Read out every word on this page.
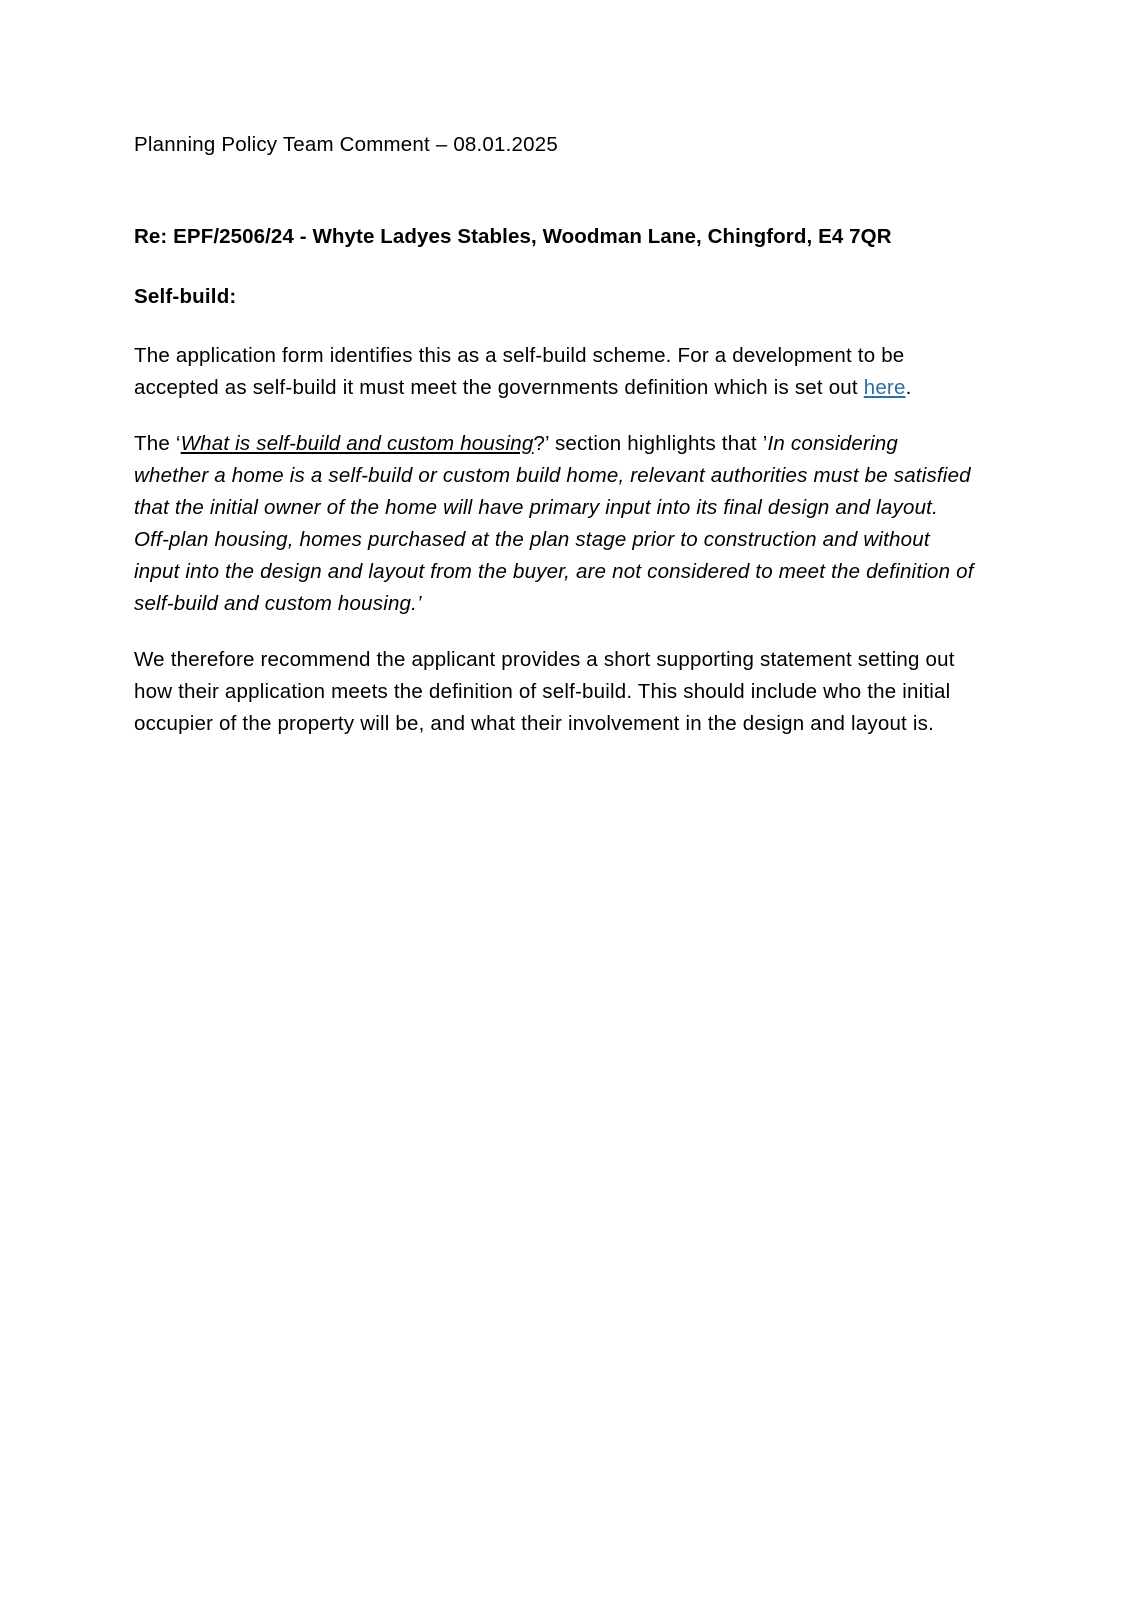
Planning Policy Team Comment – 08.01.2025

Re: EPF/2506/24 - Whyte Ladyes Stables, Woodman Lane, Chingford, E4 7QR

Self-build:

The application form identifies this as a self-build scheme. For a development to be accepted as self-build it must meet the governments definition which is set out here.

The ‘What is self-build and custom housing?’ section highlights that ’In considering whether a home is a self-build or custom build home, relevant authorities must be satisfied that the initial owner of the home will have primary input into its final design and layout. Off-plan housing, homes purchased at the plan stage prior to construction and without input into the design and layout from the buyer, are not considered to meet the definition of self-build and custom housing.’

We therefore recommend the applicant provides a short supporting statement setting out how their application meets the definition of self-build. This should include who the initial occupier of the property will be, and what their involvement in the design and layout is.
